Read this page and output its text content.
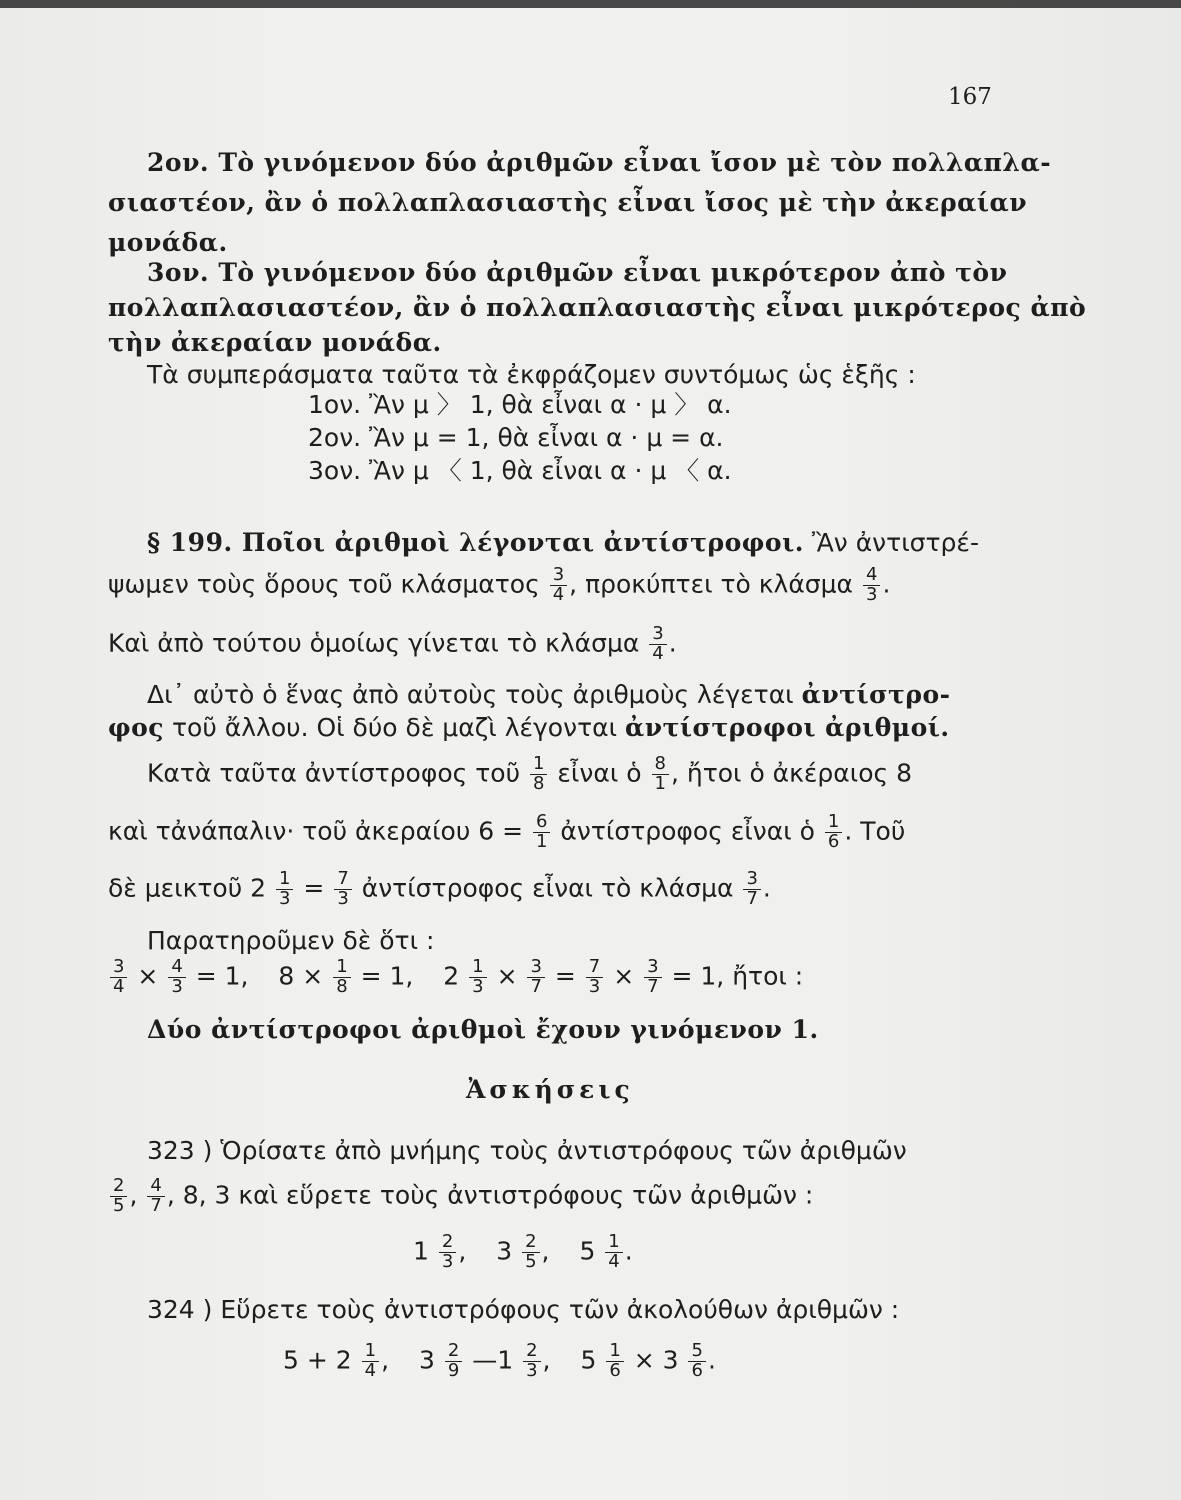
167
2ον. Τὸ γινόμενον δύο ἀριθμῶν εἶναι ἴσον μὲ τὸν πολλαπλα-
σιαστέον, ἂν ὁ πολλαπλασιαστὴς εἶναι ἴσος μὲ τὴν ἀκεραίαν
μονάδα.
3ον. Τὸ γινόμενον δύο ἀριθμῶν εἶναι μικρότερον ἀπὸ τὸν
πολλαπλασιαστέον, ἂν ὁ πολλαπλασιαστὴς εἶναι μικρότερος ἀπὸ
τὴν ἀκεραίαν μονάδα.
Τὰ συμπεράσματα ταῦτα τὰ ἐκφράζομεν συντόμως ὡς ἑξῆς :
1ον. Ἂν μ 〉 1, θὰ εἶναι α · μ 〉 α.
2ον. Ἂν μ = 1, θὰ εἶναι α · μ = α.
3ον. Ἂν μ 〈 1, θὰ εἶναι α · μ 〈 α.
§ 199. Ποῖοι ἀριθμοὶ λέγονται ἀντίστροφοι. Ἂν ἀντιστρέ-
ψωμεν τοὺς ὅρους τοῦ κλάσματος $\frac{3}{4}$ , προκύπτει τὸ κλάσμα $\frac{4}{3}$ .
Καὶ ἀπὸ τούτου ὁμοίως γίνεται τὸ κλάσμα $\frac{3}{4}$ .
Δι᾽ αὐτὸ ὁ ἕνας ἀπὸ αὐτοὺς τοὺς ἀριθμοὺς λέγεται ἀντίστρο-
φος τοῦ ἄλλου. Οἱ δύο δὲ μαζὶ λέγονται ἀντίστροφοι ἀριθμοί.
Κατὰ ταῦτα ἀντίστροφος τοῦ $\frac{1}{8}$ εἶναι ὁ $\frac{8}{1}$ , ἤτοι ὁ ἀκέραιος 8
καὶ τἀνάπαλιν· τοῦ ἀκεραίου $6 = \frac{6}{1}$ ἀντίστροφος εἶναι ὁ $\frac{1}{6}$ . Τοῦ
δὲ μεικτοῦ $2 \frac{1}{3} = \frac{7}{3}$ ἀντίστροφος εἶναι τὸ κλάσμα $\frac{3}{7}$ .
Παρατηροῦμεν δὲ ὅτι :
$\frac{3}{4} \times \frac{4}{3} = 1$, $8 \times \frac{1}{8} = 1$, $2 \frac{1}{3} \times \frac{3}{7} = \frac{7}{3} \times \frac{3}{7} = 1$, ἤτοι :
Δύο ἀντίστροφοι ἀριθμοὶ ἔχουν γινόμενον 1.
Ἀσκήσεις
323 ) Ὁρίσατε ἀπὸ μνήμης τοὺς ἀντιστρόφους τῶν ἀριθμῶν
$\frac{2}{5}$ , $\frac{4}{7}$ , 8, 3 καὶ εὕρετε τοὺς ἀντιστρόφους τῶν ἀριθμῶν :
$1 \frac{2}{3}$ , $3 \frac{2}{5}$ , $5 \frac{1}{4}$ .
324 ) Εὕρετε τοὺς ἀντιστρόφους τῶν ἀκολούθων ἀριθμῶν :
$5 + 2 \frac{1}{4}$ , $3 \frac{2}{9}$ —1 $\frac{2}{3}$ , $5 \frac{1}{6} \times 3 \frac{5}{6}$ .
